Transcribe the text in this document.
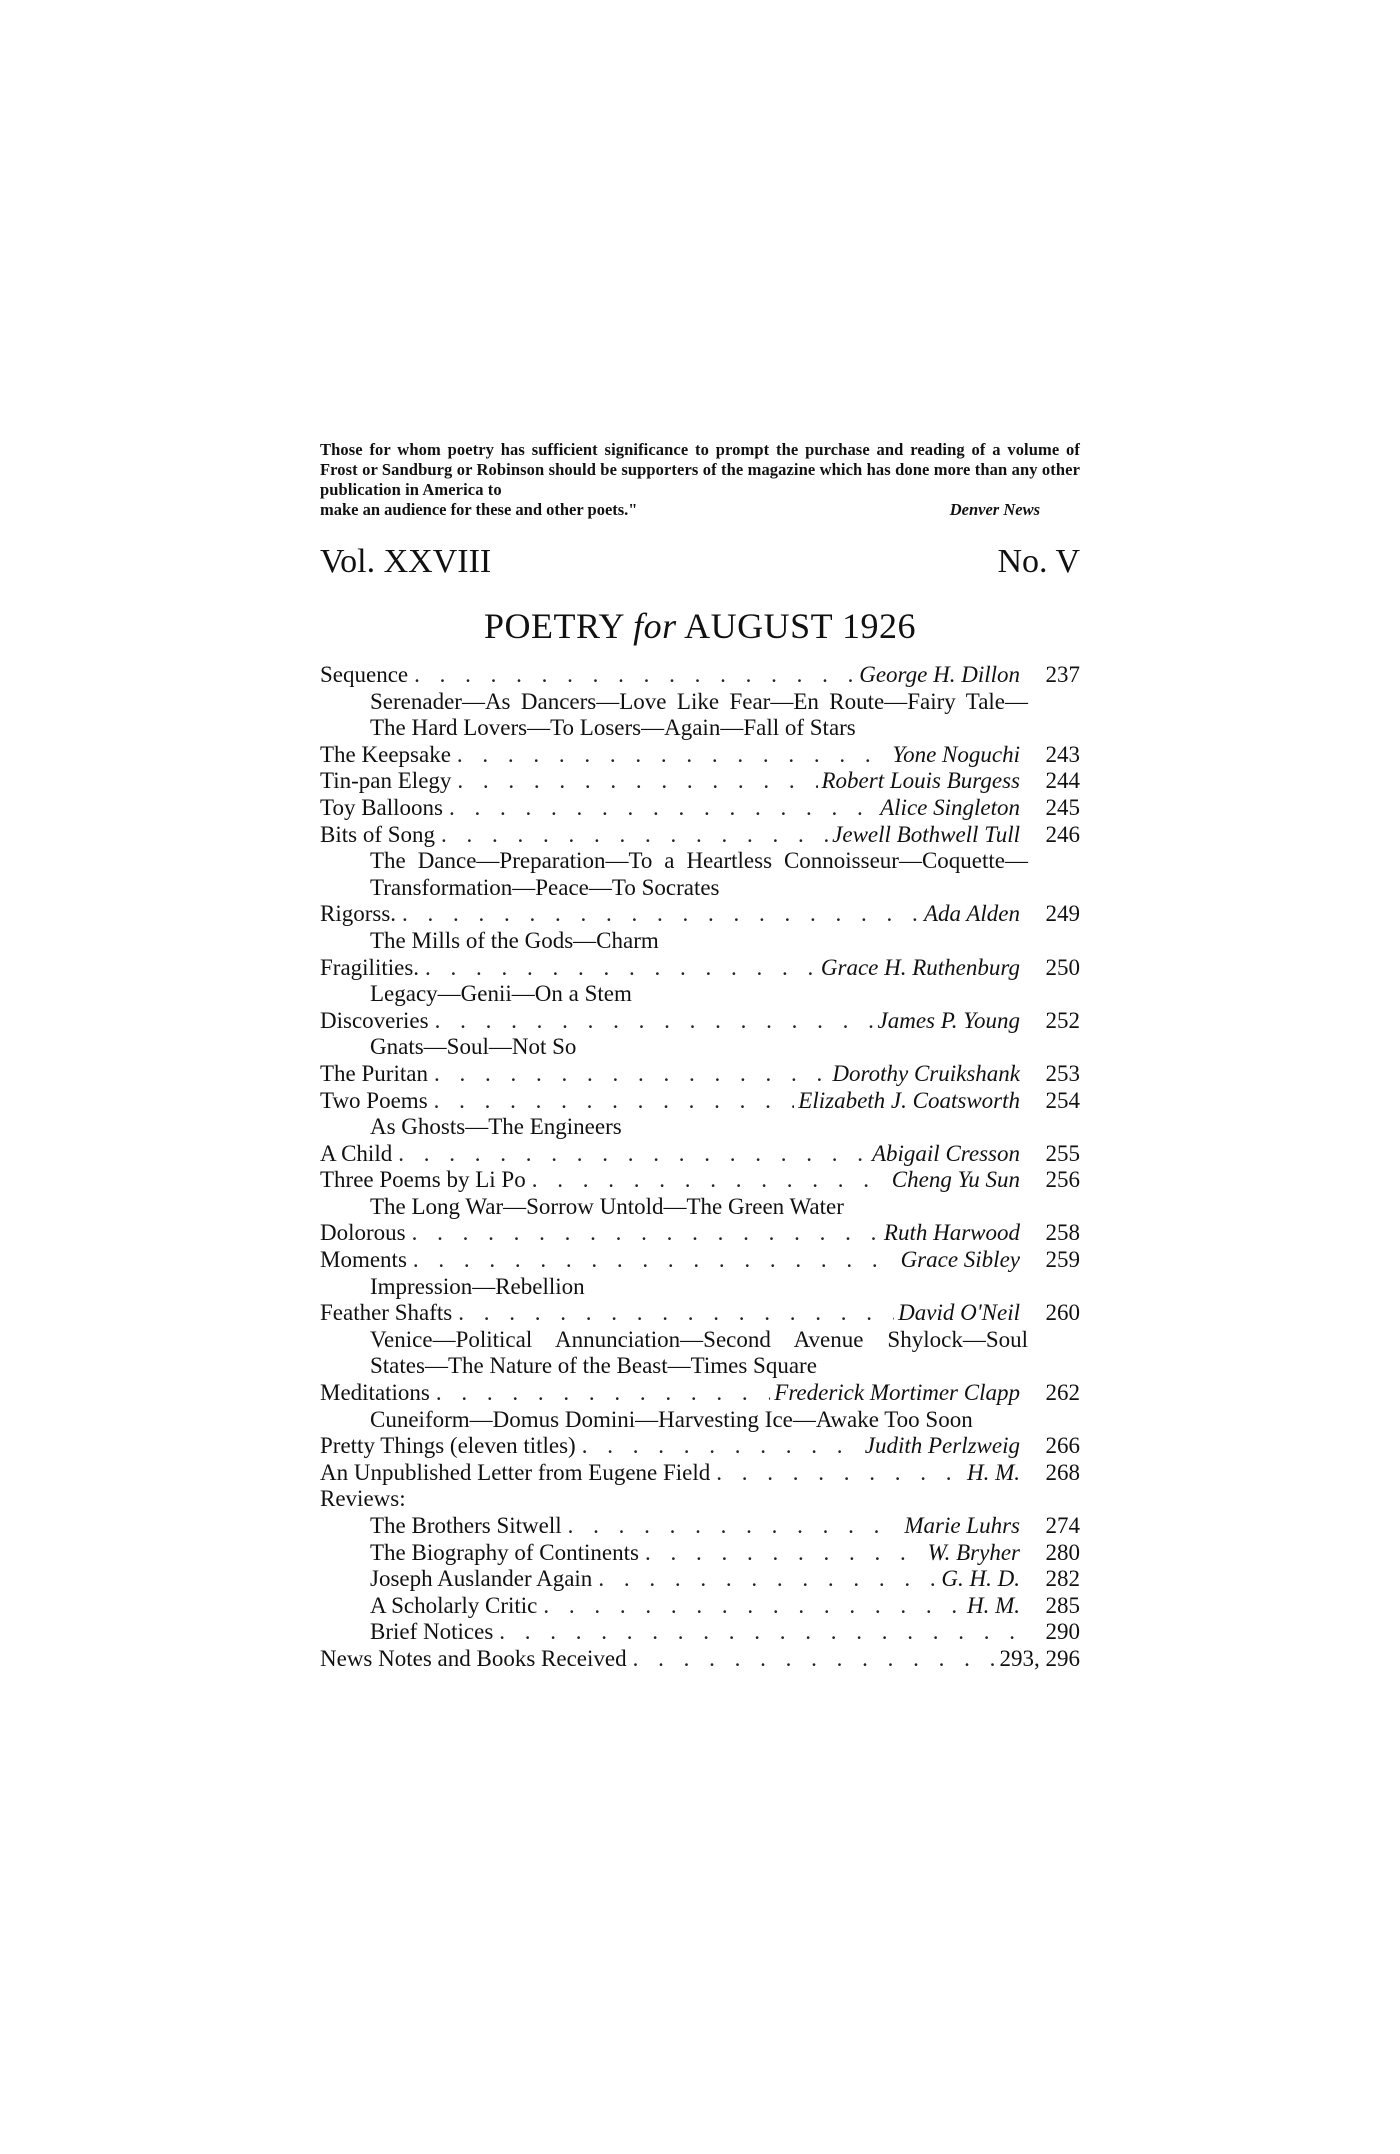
Those for whom poetry has sufficient significance to prompt the purchase and reading of a volume of Frost or Sandburg or Robinson should be supporters of the magazine which has done more than any other publication in America to

make an audience for these and other poets."	Denver News
Vol. XXVIII	No. V
POETRY for AUGUST 1926
Sequence . . .	George H. Dillon	237
Serenader—As Dancers—Love Like Fear—En Route—Fairy Tale—The Hard Lovers—To Losers—Again—Fall of Stars
The Keepsake . . .	Yone Noguchi	243
Tin-pan Elegy . . .	Robert Louis Burgess	244
Toy Balloons . . .	Alice Singleton	245
Bits of Song . . .	Jewell Bothwell Tull	246
The Dance—Preparation—To a Heartless Connoisseur—Coquette—Transformation—Peace—To Socrates
Rigorss. . . .	Ada Alden	249
The Mills of the Gods—Charm
Fragilities. . . .	Grace H. Ruthenburg	250
Legacy—Genii—On a Stem
Discoveries . . .	James P. Young	252
Gnats—Soul—Not So
The Puritan . . .	Dorothy Cruikshank	253
Two Poems . . .	Elizabeth J. Coatsworth	254
As Ghosts—The Engineers
A Child . . .	Abigail Cresson	255
Three Poems by Li Po . . .	Cheng Yu Sun	256
The Long War—Sorrow Untold—The Green Water
Dolorous . . .	Ruth Harwood	258
Moments . . .	Grace Sibley	259
Impression—Rebellion
Feather Shafts . . .	David O'Neil	260
Venice—Political Annunciation—Second Avenue Shylock—Soul States—The Nature of the Beast—Times Square
Meditations . . .	Frederick Mortimer Clapp	262
Cuneiform—Domus Domini—Harvesting Ice—Awake Too Soon
Pretty Things (eleven titles) . . .	Judith Perlzweig	266
An Unpublished Letter from Eugene Field . . .	H. M.	268
Reviews:
The Brothers Sitwell . . .	Marie Luhrs	274
The Biography of Continents . . .	W. Bryher	280
Joseph Auslander Again . . .	G. H. D.	282
A Scholarly Critic . . .	H. M.	285
Brief Notices . . .	290
News Notes and Books Received . . .	293, 296
